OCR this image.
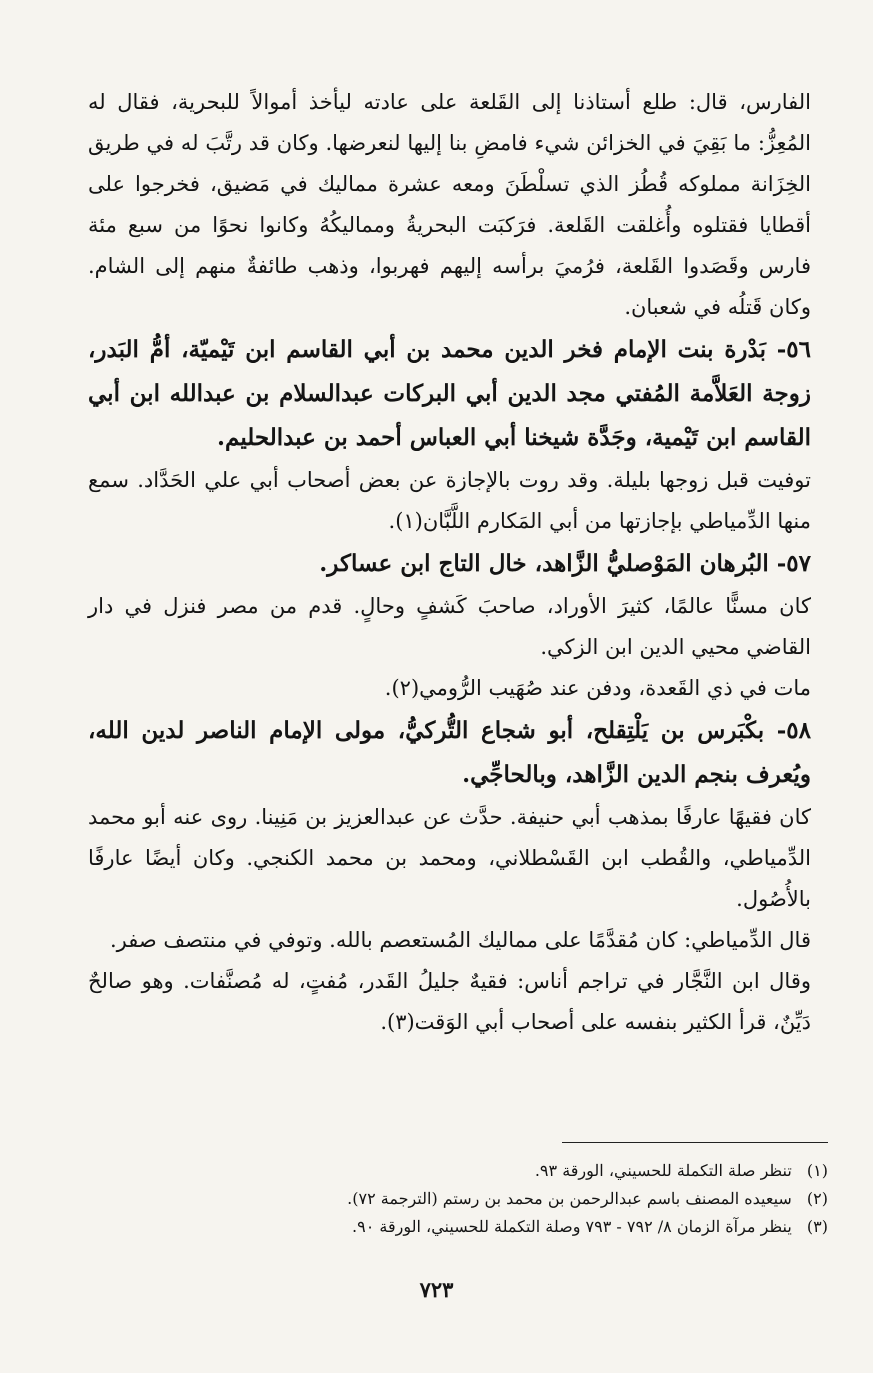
الفارس، قال: طلع أستاذنا إلى القَلعة على عادته ليأخذ أموالاً للبحرية، فقال له المُعِزُّ: ما بَقِيَ في الخزائن شيء فامضِ بنا إليها لنعرضها. وكان قد رتَّبَ له في طريق الخِزَانة مملوكه قُطُز الذي تسلْطَنَ ومعه عشرة مماليك في مَضيق، فخرجوا على أقطايا فقتلوه وأُغلقت القَلعة. فرَكبَت البحريةُ ومماليكُهُ وكانوا نحوًا من سبع مئة فارس وقَصَدوا القَلعة، فرُميَ برأسه إليهم فهربوا، وذهب طائفةٌ منهم إلى الشام. وكان قَتلُه في شعبان.

٥٦- بَدْرة بنت الإمام فخر الدين محمد بن أبي القاسم ابن تَيْميّة، أمُّ البَدر، زوجة العَلاَّمة المُفتي مجد الدين أبي البركات عبدالسلام بن عبدالله ابن أبي القاسم ابن تَيْمية، وجَدَّة شيخنا أبي العباس أحمد بن عبدالحليم.

توفيت قبل زوجها بليلة. وقد روت بالإجازة عن بعض أصحاب أبي علي الحَدَّاد. سمع منها الدِّمياطي بإجازتها من أبي المَكارم اللَّبَّان(١).

٥٧- البُرهان المَوْصليُّ الزَّاهد، خال التاج ابن عساكر.

كان مسنًّا عالمًا، كثيرَ الأوراد، صاحبَ كَشفٍ وحالٍ. قدم من مصر فنزل في دار القاضي محيي الدين ابن الزكي.

مات في ذي القَعدة، ودفن عند صُهَيب الرُّومي(٢).

٥٨- بكْبَرس بن يَلْتِقلح، أبو شجاع التُّركيُّ، مولى الإمام الناصر لدين الله، ويُعرف بنجم الدين الزَّاهد، وبالحاجِّي.

كان فقيهًا عارفًا بمذهب أبي حنيفة. حدَّث عن عبدالعزيز بن مَنِينا. روى عنه أبو محمد الدِّمياطي، والقُطب ابن القَسْطلاني، ومحمد بن محمد الكنجي. وكان أيضًا عارفًا بالأُصُول.

قال الدِّمياطي: كان مُقدَّمًا على مماليك المُستعصم بالله. وتوفي في منتصف صفر.

وقال ابن النَّجَّار في تراجم أناس: فقيهٌ جليلُ القَدر، مُفتٍ، له مُصنَّفات. وهو صالحٌ دَيِّنٌ، قرأ الكثير بنفسه على أصحاب أبي الوَقت(٣).

(١) تنظر صلة التكملة للحسيني، الورقة ٩٣.

(٢) سيعيده المصنف باسم عبدالرحمن بن محمد بن رستم (الترجمة ٧٢).

(٣) ينظر مرآة الزمان ٨/ ٧٩٢ - ٧٩٣ وصلة التكملة للحسيني، الورقة ٩٠.

٧٢٣
